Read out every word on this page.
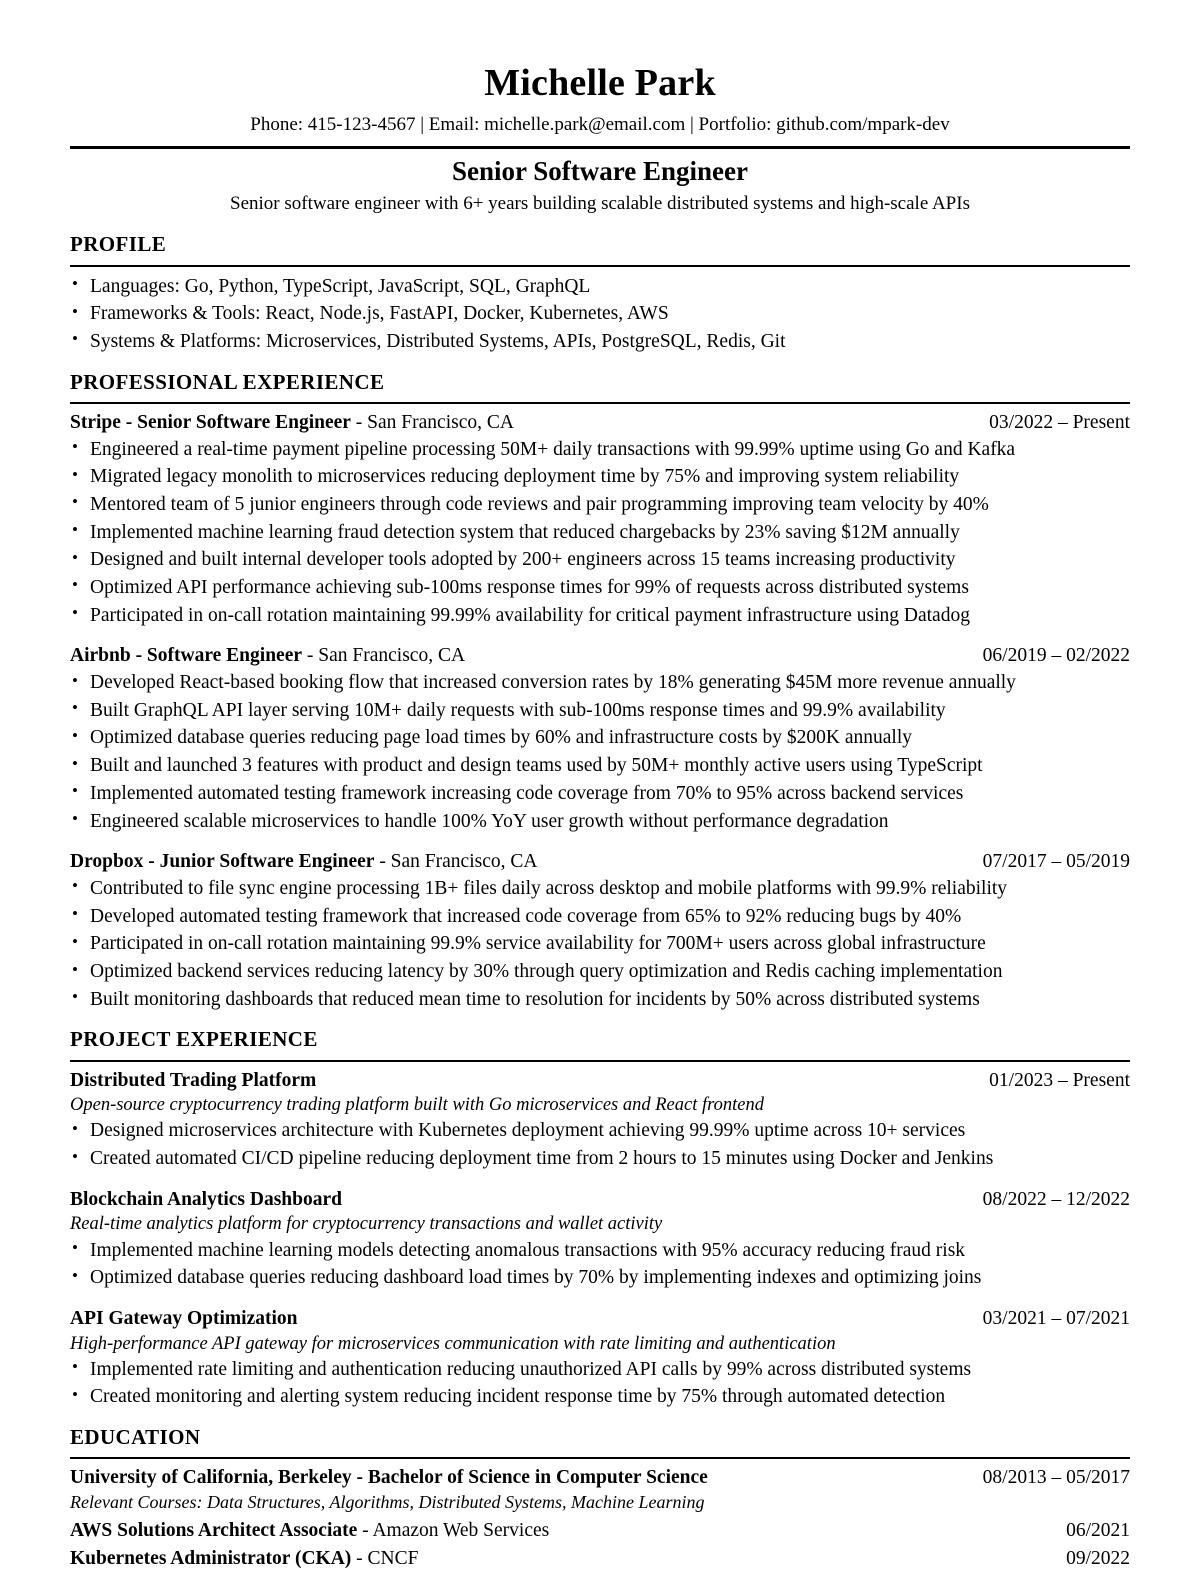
Michelle Park
Phone: 415-123-4567 | Email: michelle.park@email.com | Portfolio: github.com/mpark-dev
Senior Software Engineer
Senior software engineer with 6+ years building scalable distributed systems and high-scale APIs
PROFILE
• Languages: Go, Python, TypeScript, JavaScript, SQL, GraphQL
• Frameworks & Tools: React, Node.js, FastAPI, Docker, Kubernetes, AWS
• Systems & Platforms: Microservices, Distributed Systems, APIs, PostgreSQL, Redis, Git
PROFESSIONAL EXPERIENCE
Stripe - Senior Software Engineer - San Francisco, CA	03/2022 – Present
• Engineered a real-time payment pipeline processing 50M+ daily transactions with 99.99% uptime using Go and Kafka
• Migrated legacy monolith to microservices reducing deployment time by 75% and improving system reliability
• Mentored team of 5 junior engineers through code reviews and pair programming improving team velocity by 40%
• Implemented machine learning fraud detection system that reduced chargebacks by 23% saving $12M annually
• Designed and built internal developer tools adopted by 200+ engineers across 15 teams increasing productivity
• Optimized API performance achieving sub-100ms response times for 99% of requests across distributed systems
• Participated in on-call rotation maintaining 99.99% availability for critical payment infrastructure using Datadog
Airbnb - Software Engineer - San Francisco, CA	06/2019 – 02/2022
• Developed React-based booking flow that increased conversion rates by 18% generating $45M more revenue annually
• Built GraphQL API layer serving 10M+ daily requests with sub-100ms response times and 99.9% availability
• Optimized database queries reducing page load times by 60% and infrastructure costs by $200K annually
• Built and launched 3 features with product and design teams used by 50M+ monthly active users using TypeScript
• Implemented automated testing framework increasing code coverage from 70% to 95% across backend services
• Engineered scalable microservices to handle 100% YoY user growth without performance degradation
Dropbox - Junior Software Engineer - San Francisco, CA	07/2017 – 05/2019
• Contributed to file sync engine processing 1B+ files daily across desktop and mobile platforms with 99.9% reliability
• Developed automated testing framework that increased code coverage from 65% to 92% reducing bugs by 40%
• Participated in on-call rotation maintaining 99.9% service availability for 700M+ users across global infrastructure
• Optimized backend services reducing latency by 30% through query optimization and Redis caching implementation
• Built monitoring dashboards that reduced mean time to resolution for incidents by 50% across distributed systems
PROJECT EXPERIENCE
Distributed Trading Platform	01/2023 – Present
Open-source cryptocurrency trading platform built with Go microservices and React frontend
• Designed microservices architecture with Kubernetes deployment achieving 99.99% uptime across 10+ services
• Created automated CI/CD pipeline reducing deployment time from 2 hours to 15 minutes using Docker and Jenkins
Blockchain Analytics Dashboard	08/2022 – 12/2022
Real-time analytics platform for cryptocurrency transactions and wallet activity
• Implemented machine learning models detecting anomalous transactions with 95% accuracy reducing fraud risk
• Optimized database queries reducing dashboard load times by 70% by implementing indexes and optimizing joins
API Gateway Optimization	03/2021 – 07/2021
High-performance API gateway for microservices communication with rate limiting and authentication
• Implemented rate limiting and authentication reducing unauthorized API calls by 99% across distributed systems
• Created monitoring and alerting system reducing incident response time by 75% through automated detection
EDUCATION
University of California, Berkeley - Bachelor of Science in Computer Science	08/2013 – 05/2017
Relevant Courses: Data Structures, Algorithms, Distributed Systems, Machine Learning
AWS Solutions Architect Associate - Amazon Web Services	06/2021
Kubernetes Administrator (CKA) - CNCF	09/2022
